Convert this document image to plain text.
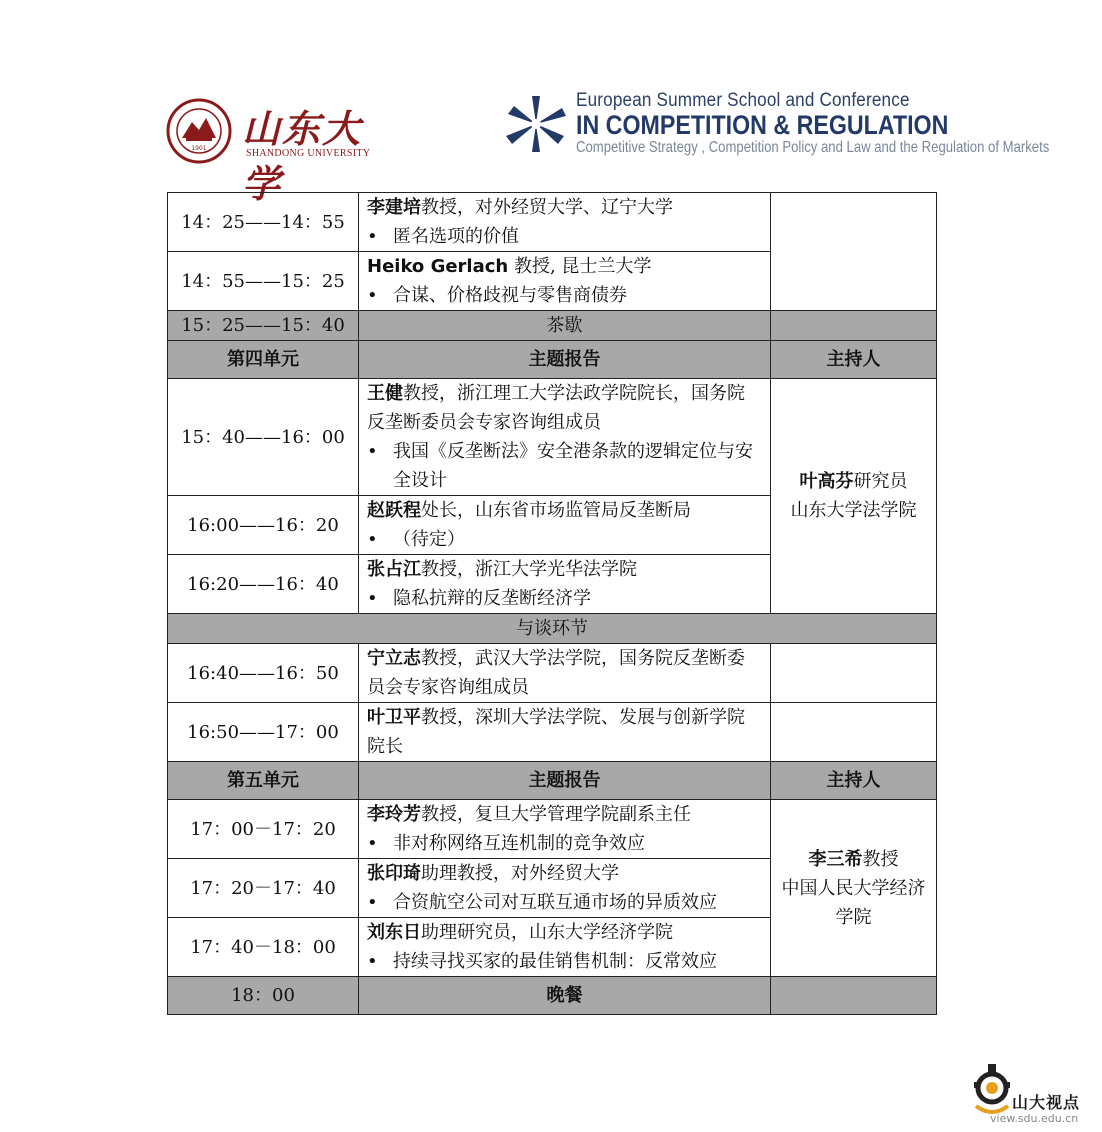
1901 山东大学
SHANDONG UNIVERSITY
European Summer School and Conference
IN COMPETITION & REGULATION
Competitive Strategy , Competition Policy and Law and the Regulation of Markets
14：25——14：55	李建培教授，对外经贸大学、辽宁大学
• 匿名选项的价值

14：55——15：25	Heiko Gerlach 教授, 昆士兰大学
• 合谋、价格歧视与零售商债券

15：25——15：40	茶歇	
第四单元	主题报告	主持人
15：40——16：00	王健教授，浙江理工大学法政学院院长，国务院反垄断委员会专家咨询组成员
• 我国《反垄断法》安全港条款的逻辑定位与安全设计	叶高芬研究员
山东大学法学院
16:00——16：20	赵跃程处长，山东省市场监管局反垄断局
• （待定）

16:20——16：40	张占江教授，浙江大学光华法学院
• 隐私抗辩的反垄断经济学

与谈环节		
16:40——16：50	宁立志教授，武汉大学法学院，国务院反垄断委员会专家咨询组成员	
16:50——17：00	叶卫平教授，深圳大学法学院、发展与创新学院院长	
第五单元	主题报告	主持人
17：00－17：20	李玲芳教授，复旦大学管理学院副系主任
• 非对称网络互连机制的竞争效应	李三希教授
中国人民大学经济学院
17：20－17：40	张印琦助理教授，对外经贸大学
• 合资航空公司对互联互通市场的异质效应

17：40－18：00	刘东日助理研究员，山东大学经济学院
• 持续寻找买家的最佳销售机制：反常效应

18：00	晚餐	
山大视点
view.sdu.edu.cn
